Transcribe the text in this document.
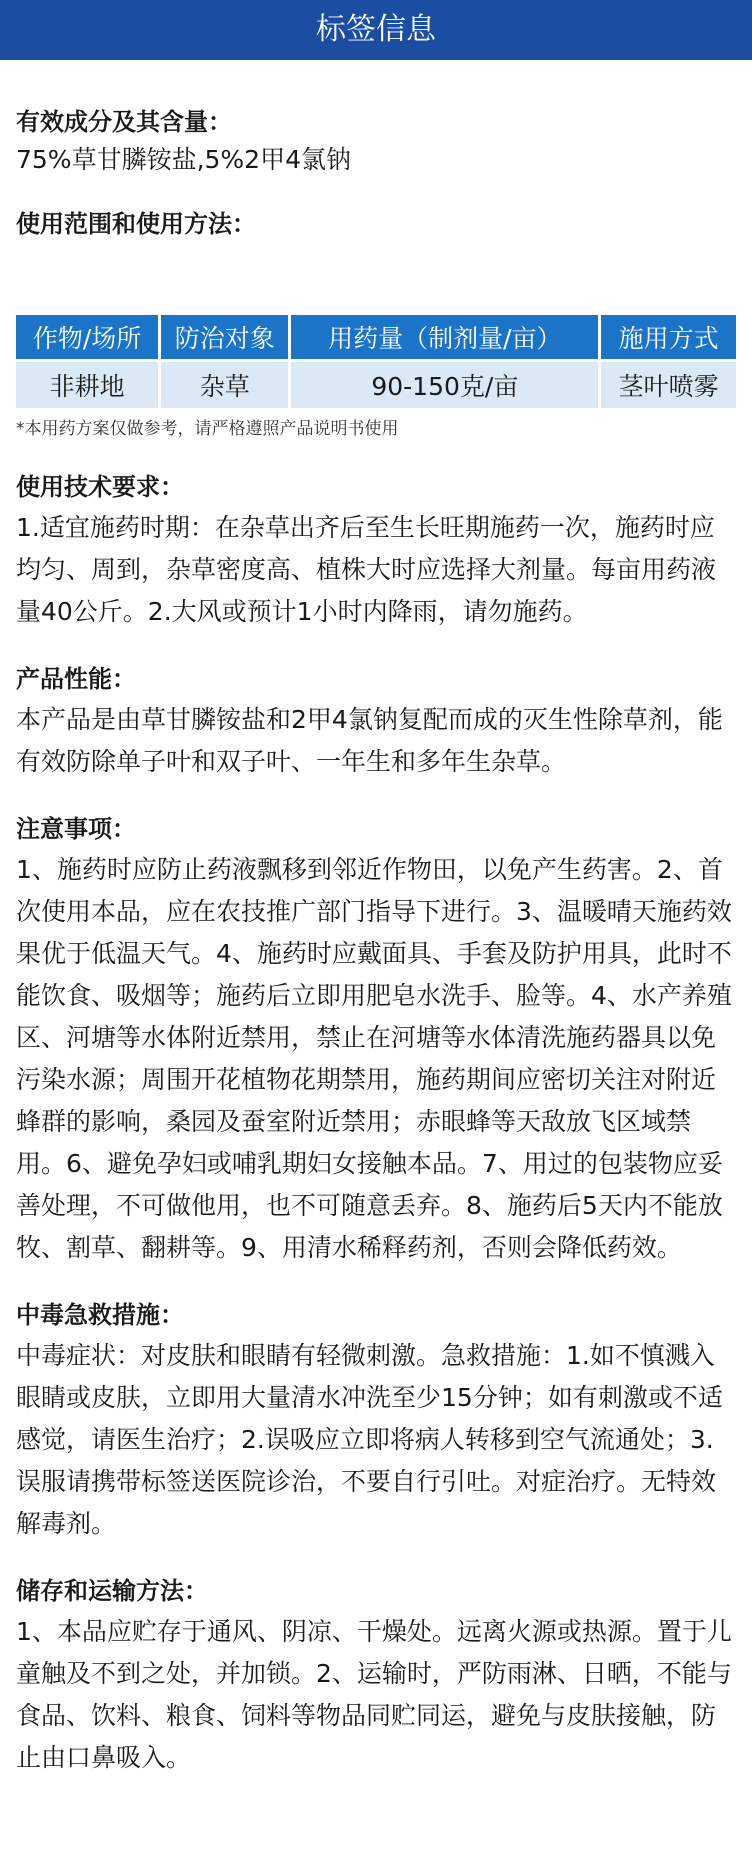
标签信息
有效成分及其含量：
75%草甘膦铵盐,5%2甲4氯钠
使用范围和使用方法：
作物/场所	防治对象	用药量（制剂量/亩）	施用方式
非耕地	杂草	90-150克/亩	茎叶喷雾
*本用药方案仅做参考，请严格遵照产品说明书使用
使用技术要求：
1.适宜施药时期：在杂草出齐后至生长旺期施药一次，施药时应均匀、周到，杂草密度高、植株大时应选择大剂量。每亩用药液量40公斤。2.大风或预计1小时内降雨，请勿施药。
产品性能：
本产品是由草甘膦铵盐和2甲4氯钠复配而成的灭生性除草剂，能有效防除单子叶和双子叶、一年生和多年生杂草。
注意事项：
1、施药时应防止药液飘移到邻近作物田，以免产生药害。2、首次使用本品，应在农技推广部门指导下进行。3、温暖晴天施药效果优于低温天气。4、施药时应戴面具、手套及防护用具，此时不能饮食、吸烟等；施药后立即用肥皂水洗手、脸等。4、水产养殖区、河塘等水体附近禁用，禁止在河塘等水体清洗施药器具以免污染水源；周围开花植物花期禁用，施药期间应密切关注对附近蜂群的影响，桑园及蚕室附近禁用；赤眼蜂等天敌放飞区域禁用。6、避免孕妇或哺乳期妇女接触本品。7、用过的包装物应妥善处理，不可做他用，也不可随意丢弃。8、施药后5天内不能放牧、割草、翻耕等。9、用清水稀释药剂，否则会降低药效。
中毒急救措施：
中毒症状：对皮肤和眼睛有轻微刺激。急救措施：1.如不慎溅入眼睛或皮肤，立即用大量清水冲洗至少15分钟；如有刺激或不适感觉，请医生治疗；2.误吸应立即将病人转移到空气流通处；3.误服请携带标签送医院诊治，不要自行引吐。对症治疗。无特效解毒剂。
储存和运输方法：
1、本品应贮存于通风、阴凉、干燥处。远离火源或热源。置于儿童触及不到之处，并加锁。2、运输时，严防雨淋、日晒，不能与食品、饮料、粮食、饲料等物品同贮同运，避免与皮肤接触，防止由口鼻吸入。
